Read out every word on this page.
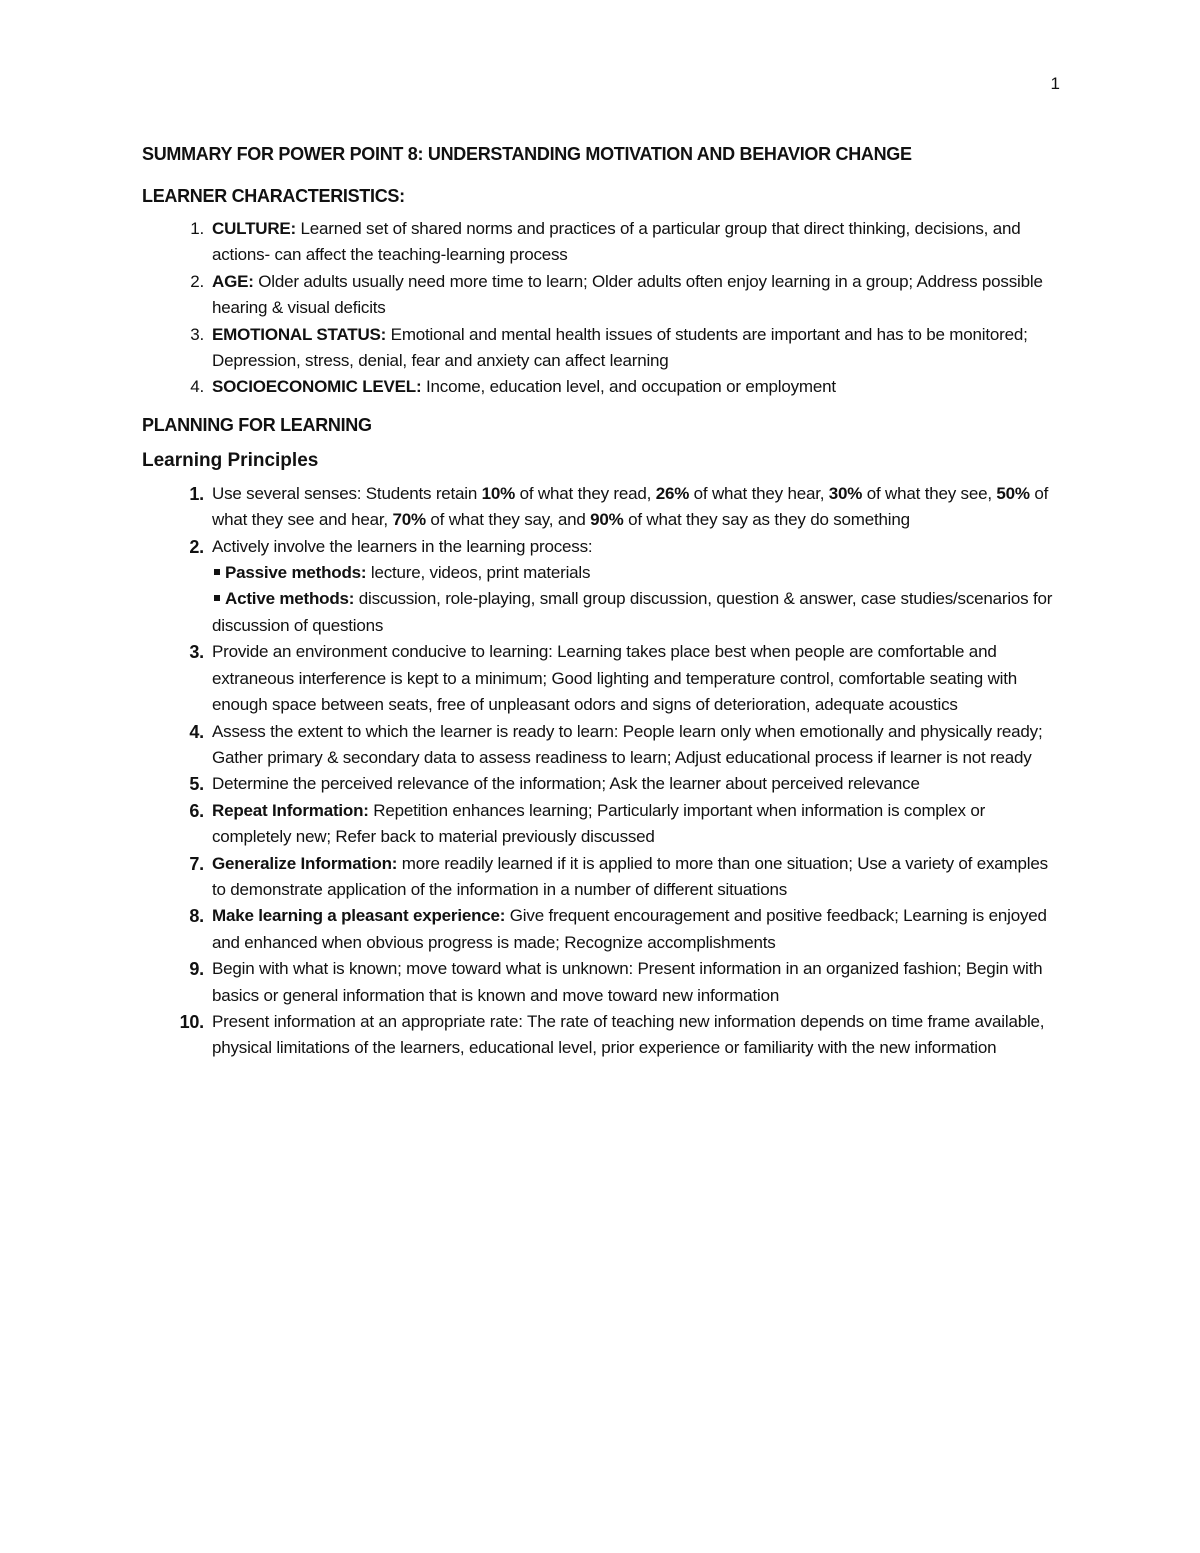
1
SUMMARY FOR POWER POINT 8: UNDERSTANDING MOTIVATION AND BEHAVIOR CHANGE
LEARNER CHARACTERISTICS:
1. CULTURE: Learned set of shared norms and practices of a particular group that direct thinking, decisions, and actions- can affect the teaching-learning process
2. AGE: Older adults usually need more time to learn; Older adults often enjoy learning in a group; Address possible hearing & visual deficits
3. EMOTIONAL STATUS: Emotional and mental health issues of students are important and has to be monitored; Depression, stress, denial, fear and anxiety can affect learning
4. SOCIOECONOMIC LEVEL: Income, education level, and occupation or employment
PLANNING FOR LEARNING
Learning Principles
1. Use several senses: Students retain 10% of what they read, 26% of what they hear, 30% of what they see, 50% of what they see and hear, 70% of what they say, and 90% of what they say as they do something
2. Actively involve the learners in the learning process:
Passive methods: lecture, videos, print materials
Active methods: discussion, role-playing, small group discussion, question & answer, case studies/scenarios for discussion of questions
3. Provide an environment conducive to learning: Learning takes place best when people are comfortable and extraneous interference is kept to a minimum; Good lighting and temperature control, comfortable seating with enough space between seats, free of unpleasant odors and signs of deterioration, adequate acoustics
4. Assess the extent to which the learner is ready to learn: People learn only when emotionally and physically ready; Gather primary & secondary data to assess readiness to learn; Adjust educational process if learner is not ready
5. Determine the perceived relevance of the information; Ask the learner about perceived relevance
6. Repeat Information: Repetition enhances learning; Particularly important when information is complex or completely new; Refer back to material previously discussed
7. Generalize Information: more readily learned if it is applied to more than one situation; Use a variety of examples to demonstrate application of the information in a number of different situations
8. Make learning a pleasant experience: Give frequent encouragement and positive feedback; Learning is enjoyed and enhanced when obvious progress is made; Recognize accomplishments
9. Begin with what is known; move toward what is unknown: Present information in an organized fashion; Begin with basics or general information that is known and move toward new information
10. Present information at an appropriate rate: The rate of teaching new information depends on time frame available, physical limitations of the learners, educational level, prior experience or familiarity with the new information
